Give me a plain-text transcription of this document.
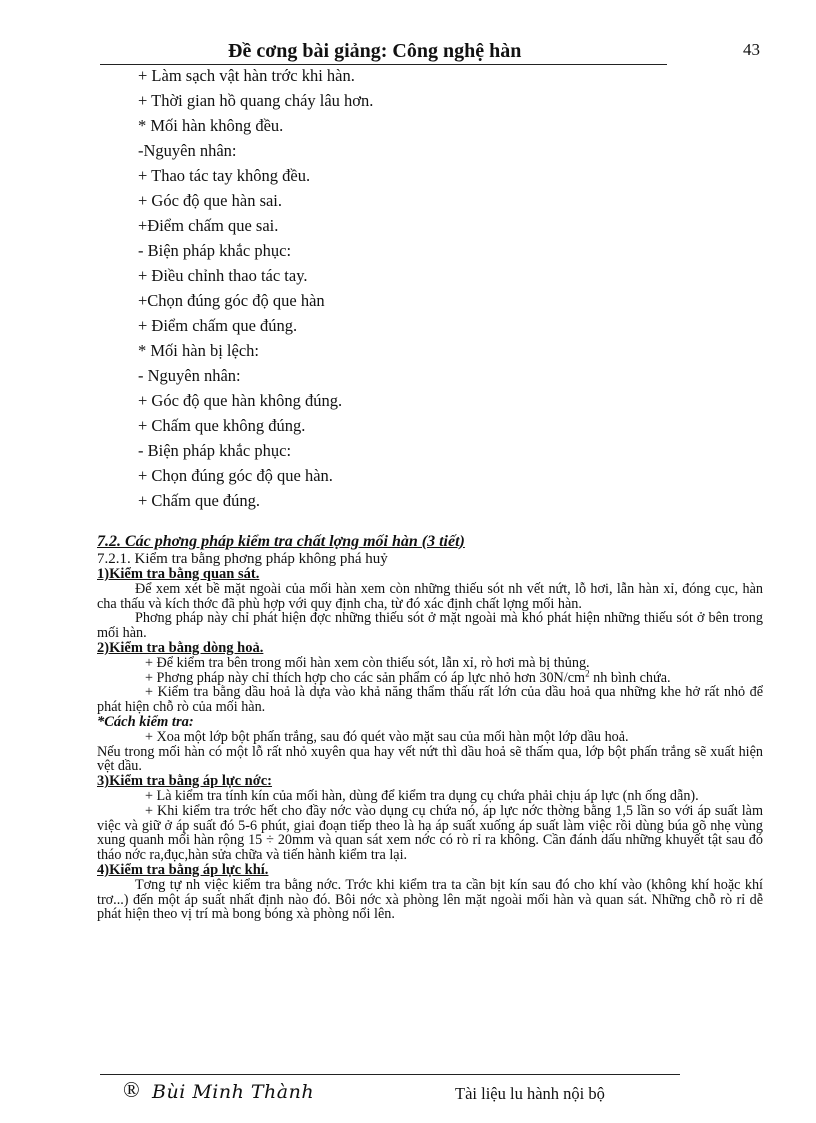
Đề cơng bài giảng: Công nghệ hàn	43
+ Làm sạch vật hàn trớc khi hàn.
+ Thời gian hồ quang cháy lâu hơn.
* Mối hàn không đều.
-Nguyên nhân:
+ Thao tác tay không đều.
+ Góc độ que hàn sai.
+Điểm chấm que sai.
- Biện pháp khắc phục:
+ Điều chỉnh thao tác tay.
+Chọn đúng góc độ que hàn
+ Điểm chấm que đúng.
* Mối hàn bị lệch:
- Nguyên nhân:
+ Góc độ que hàn không đúng.
+ Chấm que không đúng.
- Biện pháp khắc phục:
+ Chọn đúng góc độ que hàn.
+ Chấm que đúng.

7.2. Các phơng pháp kiểm tra chất lợng mối hàn (3 tiết)

7.2.1. Kiểm tra bằng phơng pháp không phá huỷ

1)Kiểm tra bằng quan sát.

Để xem xét bề mặt ngoài của mối hàn xem còn những thiếu sót nh vết nứt, lỗ hơi, lẫn hàn xỉ, đóng cục, hàn cha thấu và kích thớc đã phù hợp với quy định cha, từ đó xác định chất lợng mối hàn.

Phơng pháp này chỉ phát hiện đợc những thiếu sót ở mặt ngoài mà khó phát hiện những thiếu sót ở bên trong mối hàn.

2)Kiểm tra bằng dòng hoả.

+ Để kiểm tra bên trong mối hàn xem còn thiếu sót, lẫn xỉ, rò hơi mà bị thủng.

+ Phơng pháp này chỉ thích hợp cho các sản phẩm có áp lực nhỏ hơn $30N/cm^2$ nh bình chứa.

+ Kiểm tra bằng dầu hoả là dựa vào khả năng thẩm thấu rất lớn của dầu hoả qua những khe hở rất nhỏ để phát hiện chỗ rò của mối hàn.

*Cách kiểm tra:

+ Xoa một lớp bột phấn trắng, sau đó quét vào mặt sau của mối hàn một lớp dầu hoả.

Nếu trong mối hàn có một lỗ rất nhỏ xuyên qua hay vết nứt thì dầu hoả sẽ thấm qua, lớp bột phấn trắng sẽ xuất hiện vệt dầu.

3)Kiểm tra bằng áp lực nớc:

+ Là kiểm tra tính kín của mối hàn, dùng để kiểm tra dụng cụ chứa phải chịu áp lực (nh ống dẫn).

+ Khi kiểm tra trớc hết cho đầy nớc vào dụng cụ chứa nó, áp lực nớc thờng bằng 1,5 lần so với áp suất làm việc và giữ ở áp suất đó 5-6 phút, giai đoạn tiếp theo là hạ áp suất xuống áp suất làm việc rồi dùng búa gõ nhẹ vùng xung quanh mối hàn rộng 15 ÷ 20mm và quan sát xem nớc có rò rỉ ra không. Cần đánh dấu những khuyết tật sau đó tháo nớc ra,đục,hàn sửa chữa và tiến hành kiểm tra lại.

4)Kiểm tra bằng áp lực khí.

Tơng tự nh việc kiểm tra bằng nớc. Trớc khi kiểm tra ta cần bịt kín sau đó cho khí vào (không khí hoặc khí trơ...) đến một áp suất nhất định nào đó. Bôi nớc xà phòng lên mặt ngoài mối hàn và quan sát. Những chỗ rò rỉ dễ phát hiện theo vị trí mà bong bóng xà phòng nổi lên.

® Bùi Minh Thành	Tài liệu lu hành nội bộ
